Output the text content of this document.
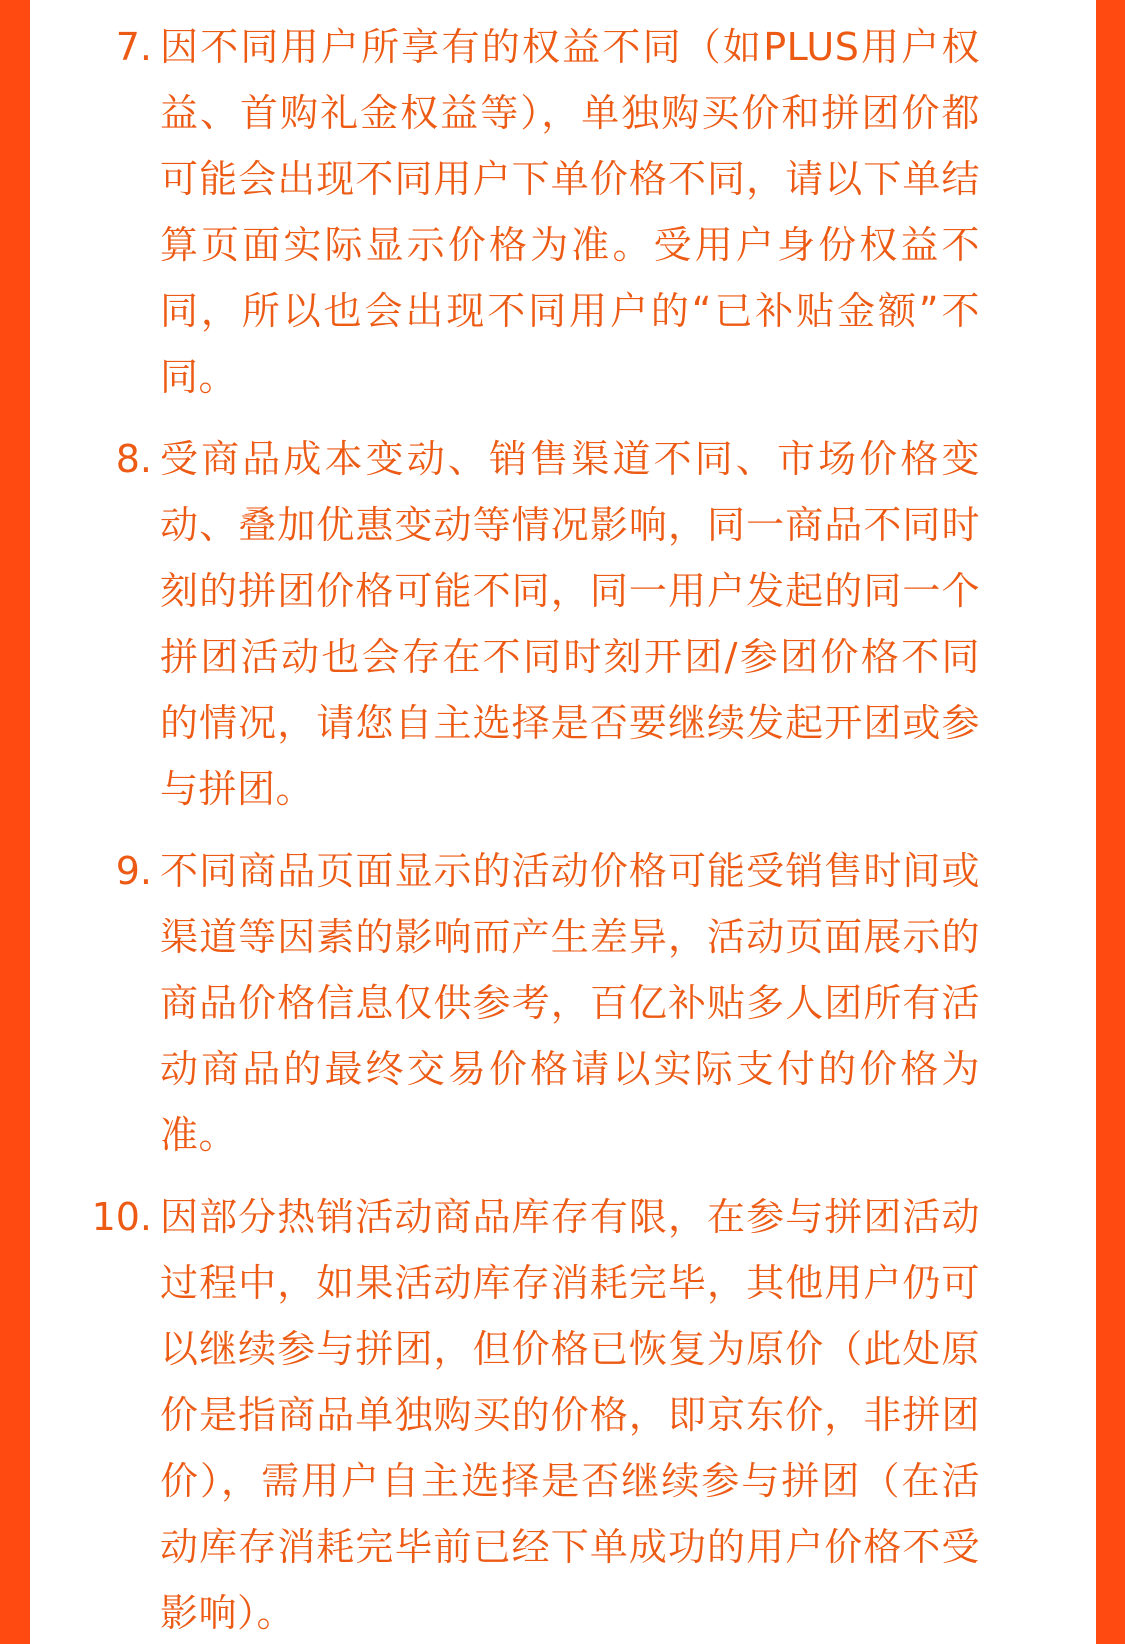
7. 因不同用户所享有的权益不同（如PLUS用户权益、首购礼金权益等），单独购买价和拼团价都可能会出现不同用户下单价格不同，请以下单结算页面实际显示价格为准。受用户身份权益不同，所以也会出现不同用户的“已补贴金额”不同。
8. 受商品成本变动、销售渠道不同、市场价格变动、叠加优惠变动等情况影响，同一商品不同时刻的拼团价格可能不同，同一用户发起的同一个拼团活动也会存在不同时刻开团/参团价格不同的情况，请您自主选择是否要继续发起开团或参与拼团。
9. 不同商品页面显示的活动价格可能受销售时间或渠道等因素的影响而产生差异，活动页面展示的商品价格信息仅供参考，百亿补贴多人团所有活动商品的最终交易价格请以实际支付的价格为准。
10. 因部分热销活动商品库存有限，在参与拼团活动过程中，如果活动库存消耗完毕，其他用户仍可以继续参与拼团，但价格已恢复为原价（此处原价是指商品单独购买的价格，即京东价，非拼团价），需用户自主选择是否继续参与拼团（在活动库存消耗完毕前已经下单成功的用户价格不受影响）。
